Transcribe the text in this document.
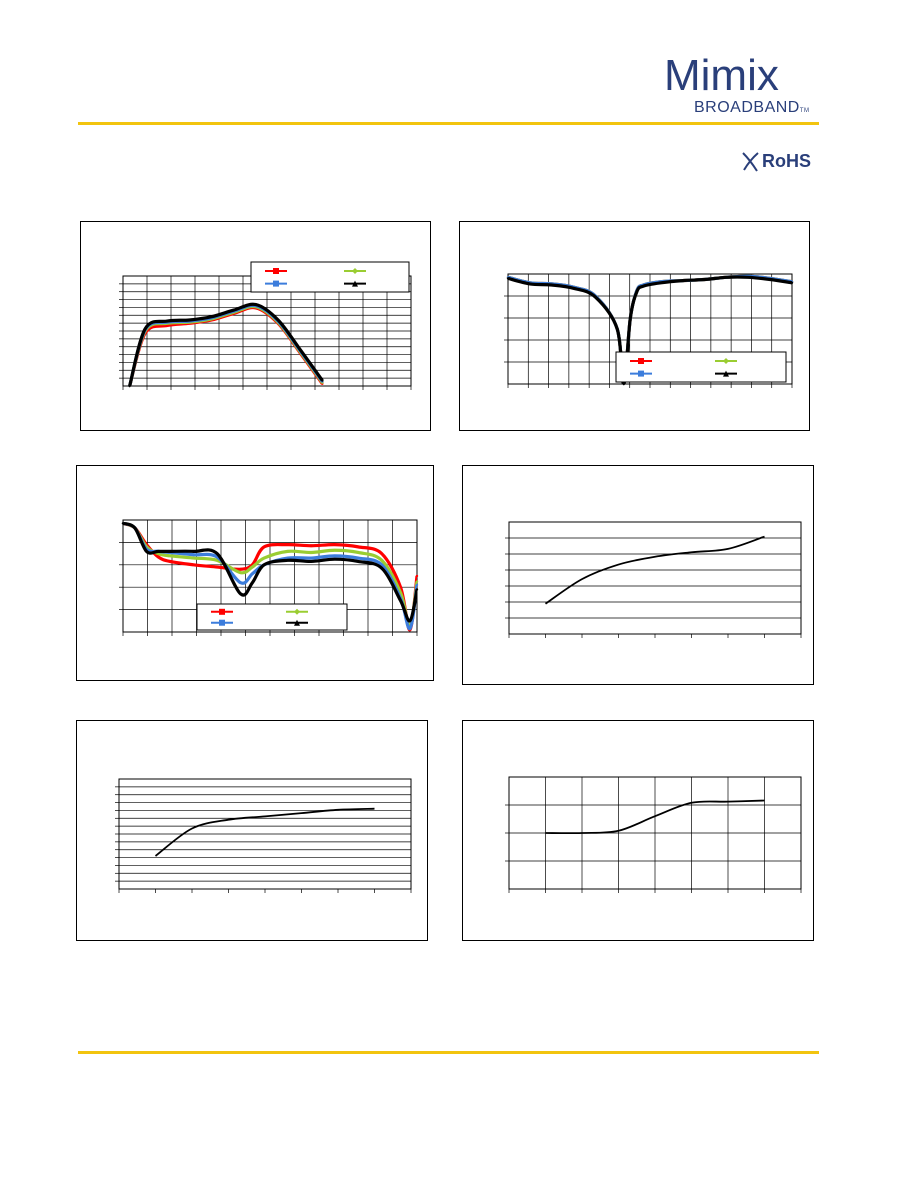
Mimix
BROADBANDTM
RoHS
